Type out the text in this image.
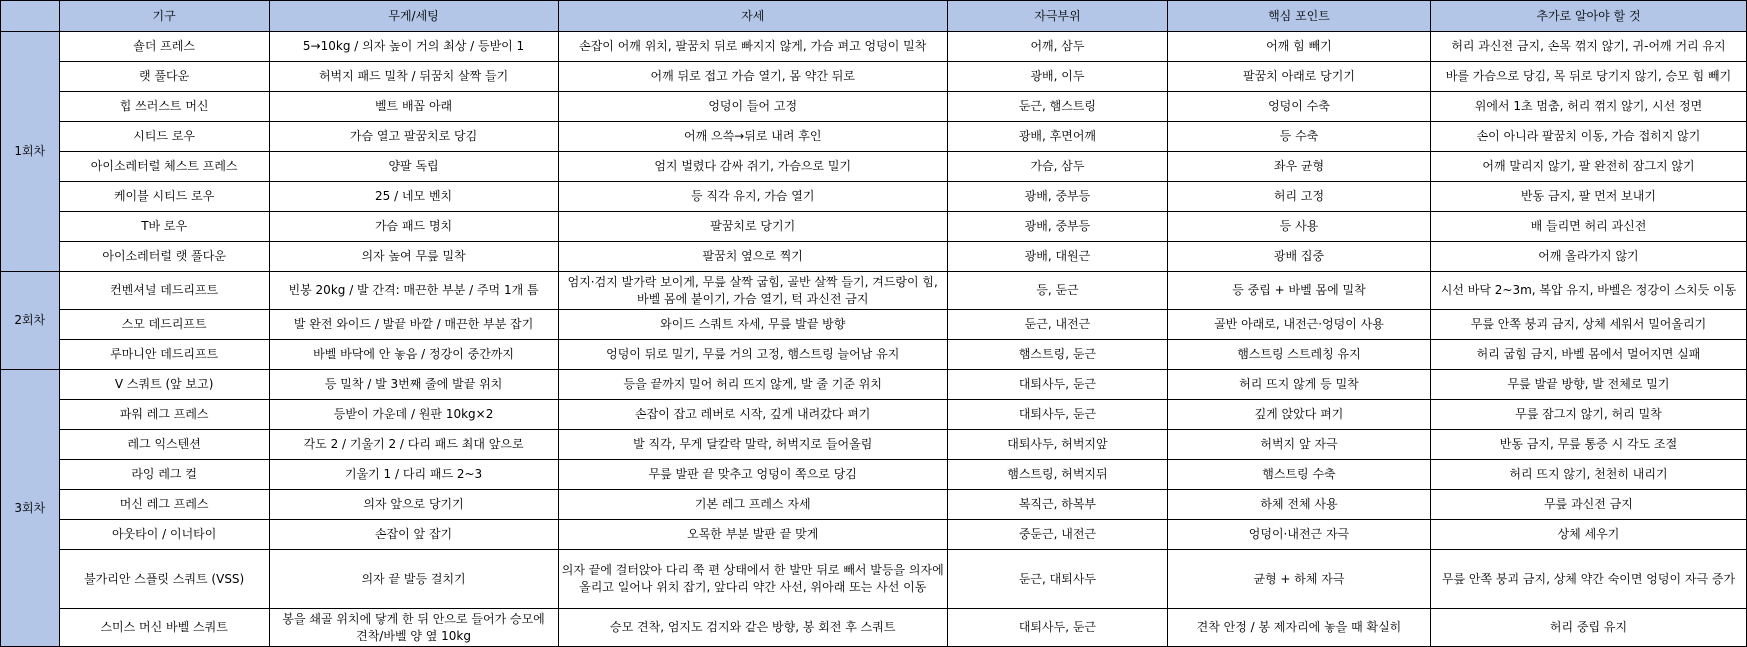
	기구	무게/세팅	자세	자극부위	핵심 포인트	추가로 알아야 할 것
1회차	숄더 프레스	5→10kg / 의자 높이 거의 최상 / 등받이 1	손잡이 어깨 위치, 팔꿈치 뒤로 빠지지 않게, 가슴 펴고 엉덩이 밀착	어깨, 삼두	어깨 힘 빼기	허리 과신전 금지, 손목 꺾지 않기, 귀-어깨 거리 유지
	랫 풀다운	허벅지 패드 밀착 / 뒤꿈치 살짝 들기	어깨 뒤로 접고 가슴 열기, 몸 약간 뒤로	광배, 이두	팔꿈치 아래로 당기기	바를 가슴으로 당김, 목 뒤로 당기지 않기, 승모 힘 빼기
	힙 쓰러스트 머신	벨트 배꼽 아래	엉덩이 들어 고정	둔근, 햄스트링	엉덩이 수축	위에서 1초 멈춤, 허리 꺾지 않기, 시선 정면
	시티드 로우	가슴 열고 팔꿈치로 당김	어깨 으쓱→뒤로 내려 후인	광배, 후면어깨	등 수축	손이 아니라 팔꿈치 이동, 가슴 접히지 않기
	아이소레터럴 체스트 프레스	양팔 독립	엄지 벌렸다 감싸 쥐기, 가슴으로 밀기	가슴, 삼두	좌우 균형	어깨 말리지 않기, 팔 완전히 잠그지 않기
	케이블 시티드 로우	25 / 네모 벤치	등 직각 유지, 가슴 열기	광배, 중부등	허리 고정	반동 금지, 팔 먼저 보내기
	T바 로우	가슴 패드 명치	팔꿈치로 당기기	광배, 중부등	등 사용	배 들리면 허리 과신전
	아이소레터럴 랫 풀다운	의자 높여 무릎 밀착	팔꿈치 옆으로 찍기	광배, 대원근	광배 집중	어깨 올라가지 않기
2회차	컨벤셔널 데드리프트	빈봉 20kg / 발 간격: 매끈한 부분 / 주먹 1개 틈	엄지·검지 발가락 보이게, 무릎 살짝 굽힘, 골반 살짝 들기, 겨드랑이 힘, 바벨 몸에 붙이기, 가슴 열기, 턱 과신전 금지	등, 둔근	등 중립 + 바벨 몸에 밀착	시선 바닥 2~3m, 복압 유지, 바벨은 정강이 스치듯 이동
	스모 데드리프트	발 완전 와이드 / 발끝 바깥 / 매끈한 부분 잡기	와이드 스쿼트 자세, 무릎 발끝 방향	둔근, 내전근	골반 아래로, 내전근·엉덩이 사용	무릎 안쪽 붕괴 금지, 상체 세워서 밀어올리기
	루마니안 데드리프트	바벨 바닥에 안 놓음 / 정강이 중간까지	엉덩이 뒤로 밀기, 무릎 거의 고정, 햄스트링 늘어남 유지	햄스트링, 둔근	햄스트링 스트레칭 유지	허리 굽힘 금지, 바벨 몸에서 멀어지면 실패
3회차	V 스쿼트 (앞 보고)	등 밀착 / 발 3번째 줄에 발끝 위치	등을 끝까지 밀어 허리 뜨지 않게, 발 줄 기준 위치	대퇴사두, 둔근	허리 뜨지 않게 등 밀착	무릎 발끝 방향, 발 전체로 밀기
	파워 레그 프레스	등받이 가운데 / 원판 10kg×2	손잡이 잡고 레버로 시작, 깊게 내려갔다 펴기	대퇴사두, 둔근	깊게 앉았다 펴기	무릎 잠그지 않기, 허리 밀착
	레그 익스텐션	각도 2 / 기울기 2 / 다리 패드 최대 앞으로	발 직각, 무게 달칼락 말락, 허벅지로 들어올림	대퇴사두, 허벅지앞	허벅지 앞 자극	반동 금지, 무릎 통증 시 각도 조절
	라잉 레그 컬	기울기 1 / 다리 패드 2~3	무릎 발판 끝 맞추고 엉덩이 쪽으로 당김	햄스트링, 허벅지뒤	햄스트링 수축	허리 뜨지 않기, 천천히 내리기
	머신 레그 프레스	의자 앞으로 당기기	기본 레그 프레스 자세	복직근, 하복부	하체 전체 사용	무릎 과신전 금지
	아웃타이 / 이너타이	손잡이 앞 잡기	오목한 부분 발판 끝 맞게	중둔근, 내전근	엉덩이·내전근 자극	상체 세우기
	불가리안 스플릿 스쿼트 (VSS)	의자 끝 발등 걸치기	의자 끝에 걸터앉아 다리 쭉 편 상태에서 한 발만 뒤로 빼서 발등을 의자에 올리고 일어나 위치 잡기, 앞다리 약간 사선, 위아래 또는 사선 이동	둔근, 대퇴사두	균형 + 하체 자극	무릎 안쪽 붕괴 금지, 상체 약간 숙이면 엉덩이 자극 증가
	스미스 머신 바벨 스쿼트	봉을 쇄골 위치에 닿게 한 뒤 안으로 들어가 승모에 견착/바벨 양 옆 10kg	승모 견착, 엄지도 검지와 같은 방향, 봉 회전 후 스쿼트	대퇴사두, 둔근	견착 안정 / 봉 제자리에 놓을 때 확실히	허리 중립 유지
